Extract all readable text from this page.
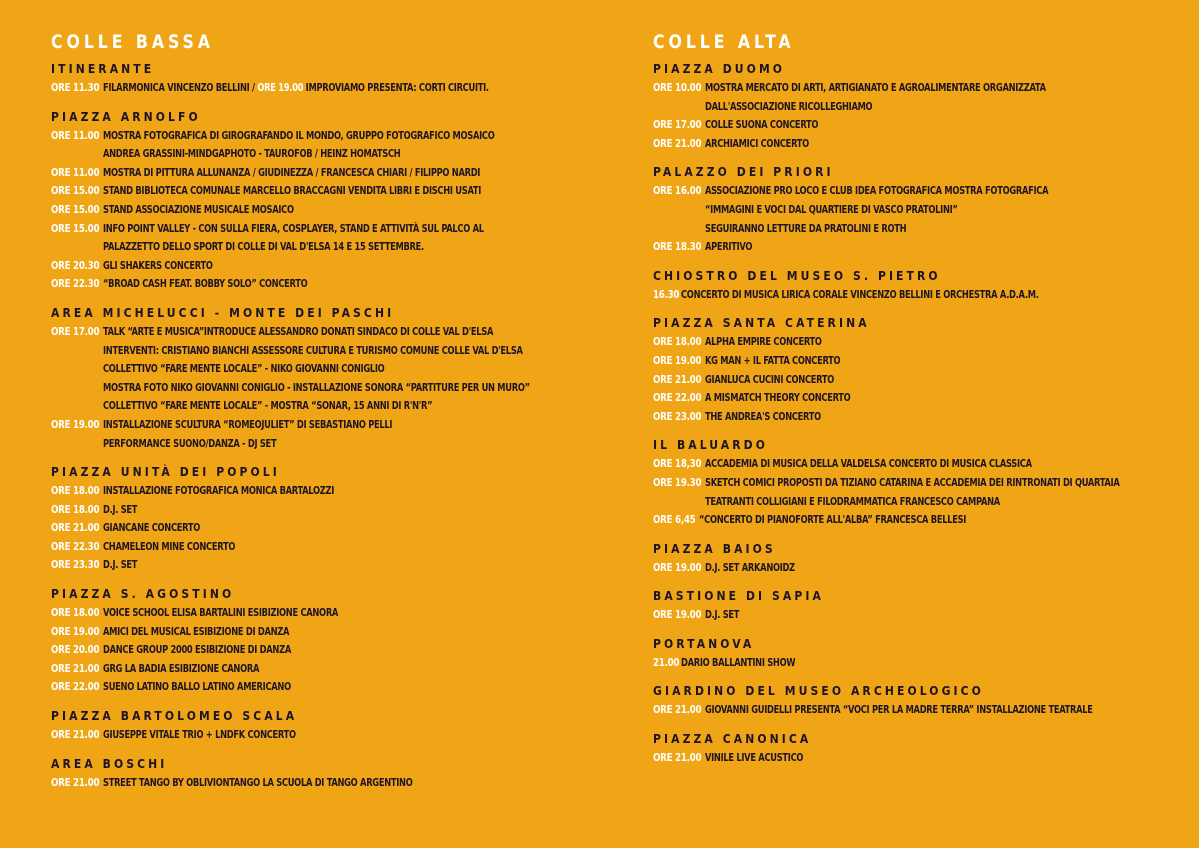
COLLE BASSA
ITINERANTE
ORE 11.30 FILARMONICA VINCENZO BELLINI / ORE 19.00 IMPROVIAMO PRESENTA: CORTI CIRCUITI.
PIAZZA ARNOLFO
ORE 11.00 MOSTRA FOTOGRAFICA DI GIROGRAFANDO IL MONDO, GRUPPO FOTOGRAFICO MOSAICO
ANDREA GRASSINI-MINDGAPHOTO - TAUROFOB / HEINZ HOMATSCH
ORE 11.00 MOSTRA DI PITTURA ALLUNANZA / GIUDINEZZA / FRANCESCA CHIARI / FILIPPO NARDI
ORE 15.00 STAND BIBLIOTECA COMUNALE MARCELLO BRACCAGNI VENDITA LIBRI E DISCHI USATI
ORE 15.00 STAND ASSOCIAZIONE MUSICALE MOSAICO
ORE 15.00 INFO POINT VALLEY - CON SULLA FIERA, COSPLAYER, STAND E ATTIVITÀ SUL PALCO AL
PALAZZETTO DELLO SPORT DI COLLE DI VAL D'ELSA 14 E 15 SETTEMBRE.
ORE 20.30 GLI SHAKERS CONCERTO
ORE 22.30 “BROAD CASH FEAT. BOBBY SOLO” CONCERTO
AREA MICHELUCCI - MONTE DEI PASCHI
ORE 17.00 TALK “ARTE E MUSICA”INTRODUCE ALESSANDRO DONATI SINDACO DI COLLE VAL D'ELSA
INTERVENTI: CRISTIANO BIANCHI ASSESSORE CULTURA E TURISMO COMUNE COLLE VAL D'ELSA
COLLETTIVO “FARE MENTE LOCALE” - NIKO GIOVANNI CONIGLIO
MOSTRA FOTO NIKO GIOVANNI CONIGLIO - INSTALLAZIONE SONORA “PARTITURE PER UN MURO”
COLLETTIVO “FARE MENTE LOCALE” - MOSTRA “SONAR, 15 ANNI DI R'N'R”
ORE 19.00 INSTALLAZIONE SCULTURA “ROMEOJULIET” DI SEBASTIANO PELLI
PERFORMANCE SUONO/DANZA - DJ SET
PIAZZA UNITÀ DEI POPOLI
ORE 18.00 INSTALLAZIONE FOTOGRAFICA MONICA BARTALOZZI
ORE 18.00 D.J. SET
ORE 21.00 GIANCANE CONCERTO
ORE 22.30 CHAMELEON MINE CONCERTO
ORE 23.30 D.J. SET
PIAZZA S. AGOSTINO
ORE 18.00 VOICE SCHOOL ELISA BARTALINI ESIBIZIONE CANORA
ORE 19.00 AMICI DEL MUSICAL ESIBIZIONE DI DANZA
ORE 20.00 DANCE GROUP 2000 ESIBIZIONE DI DANZA
ORE 21.00 GRG LA BADIA ESIBIZIONE CANORA
ORE 22.00 SUENO LATINO BALLO LATINO AMERICANO
PIAZZA BARTOLOMEO SCALA
ORE 21.00 GIUSEPPE VITALE TRIO + LNDFK CONCERTO
AREA BOSCHI
ORE 21.00 STREET TANGO BY OBLIVIONTANGO LA SCUOLA DI TANGO ARGENTINO
COLLE ALTA
PIAZZA DUOMO
ORE 10.00 MOSTRA MERCATO DI ARTI, ARTIGIANATO E AGROALIMENTARE ORGANIZZATA
DALL'ASSOCIAZIONE RICOLLEGHIAMO
ORE 17.00 COLLE SUONA CONCERTO
ORE 21.00 ARCHIAMICI CONCERTO
PALAZZO DEI PRIORI
ORE 16.00 ASSOCIAZIONE PRO LOCO E CLUB IDEA FOTOGRAFICA MOSTRA FOTOGRAFICA
“IMMAGINI E VOCI DAL QUARTIERE DI VASCO PRATOLINI”
SEGUIRANNO LETTURE DA PRATOLINI E ROTH
ORE 18.30 APERITIVO
CHIOSTRO DEL MUSEO S. PIETRO
16.30 CONCERTO DI MUSICA LIRICA CORALE VINCENZO BELLINI E ORCHESTRA A.D.A.M.
PIAZZA SANTA CATERINA
ORE 18.00 ALPHA EMPIRE CONCERTO
ORE 19.00 KG MAN + IL FATTA CONCERTO
ORE 21.00 GIANLUCA CUCINI CONCERTO
ORE 22.00 A MISMATCH THEORY CONCERTO
ORE 23.00 THE ANDREA'S CONCERTO
IL BALUARDO
ORE 18,30 ACCADEMIA DI MUSICA DELLA VALDELSA CONCERTO DI MUSICA CLASSICA
ORE 19.30 SKETCH COMICI PROPOSTI DA TIZIANO CATARINA E ACCADEMIA DEI RINTRONATI DI QUARTAIA
TEATRANTI COLLIGIANI E FILODRAMMATICA FRANCESCO CAMPANA
ORE 6,45 “CONCERTO DI PIANOFORTE ALL'ALBA” FRANCESCA BELLESI
PIAZZA BAIOS
ORE 19.00 D.J. SET ARKANOIDZ
BASTIONE DI SAPIA
ORE 19.00 D.J. SET
PORTANOVA
21.00 DARIO BALLANTINI SHOW
GIARDINO DEL MUSEO ARCHEOLOGICO
ORE 21.00 GIOVANNI GUIDELLI PRESENTA “VOCI PER LA MADRE TERRA” INSTALLAZIONE TEATRALE
PIAZZA CANONICA
ORE 21.00 VINILE LIVE ACUSTICO
